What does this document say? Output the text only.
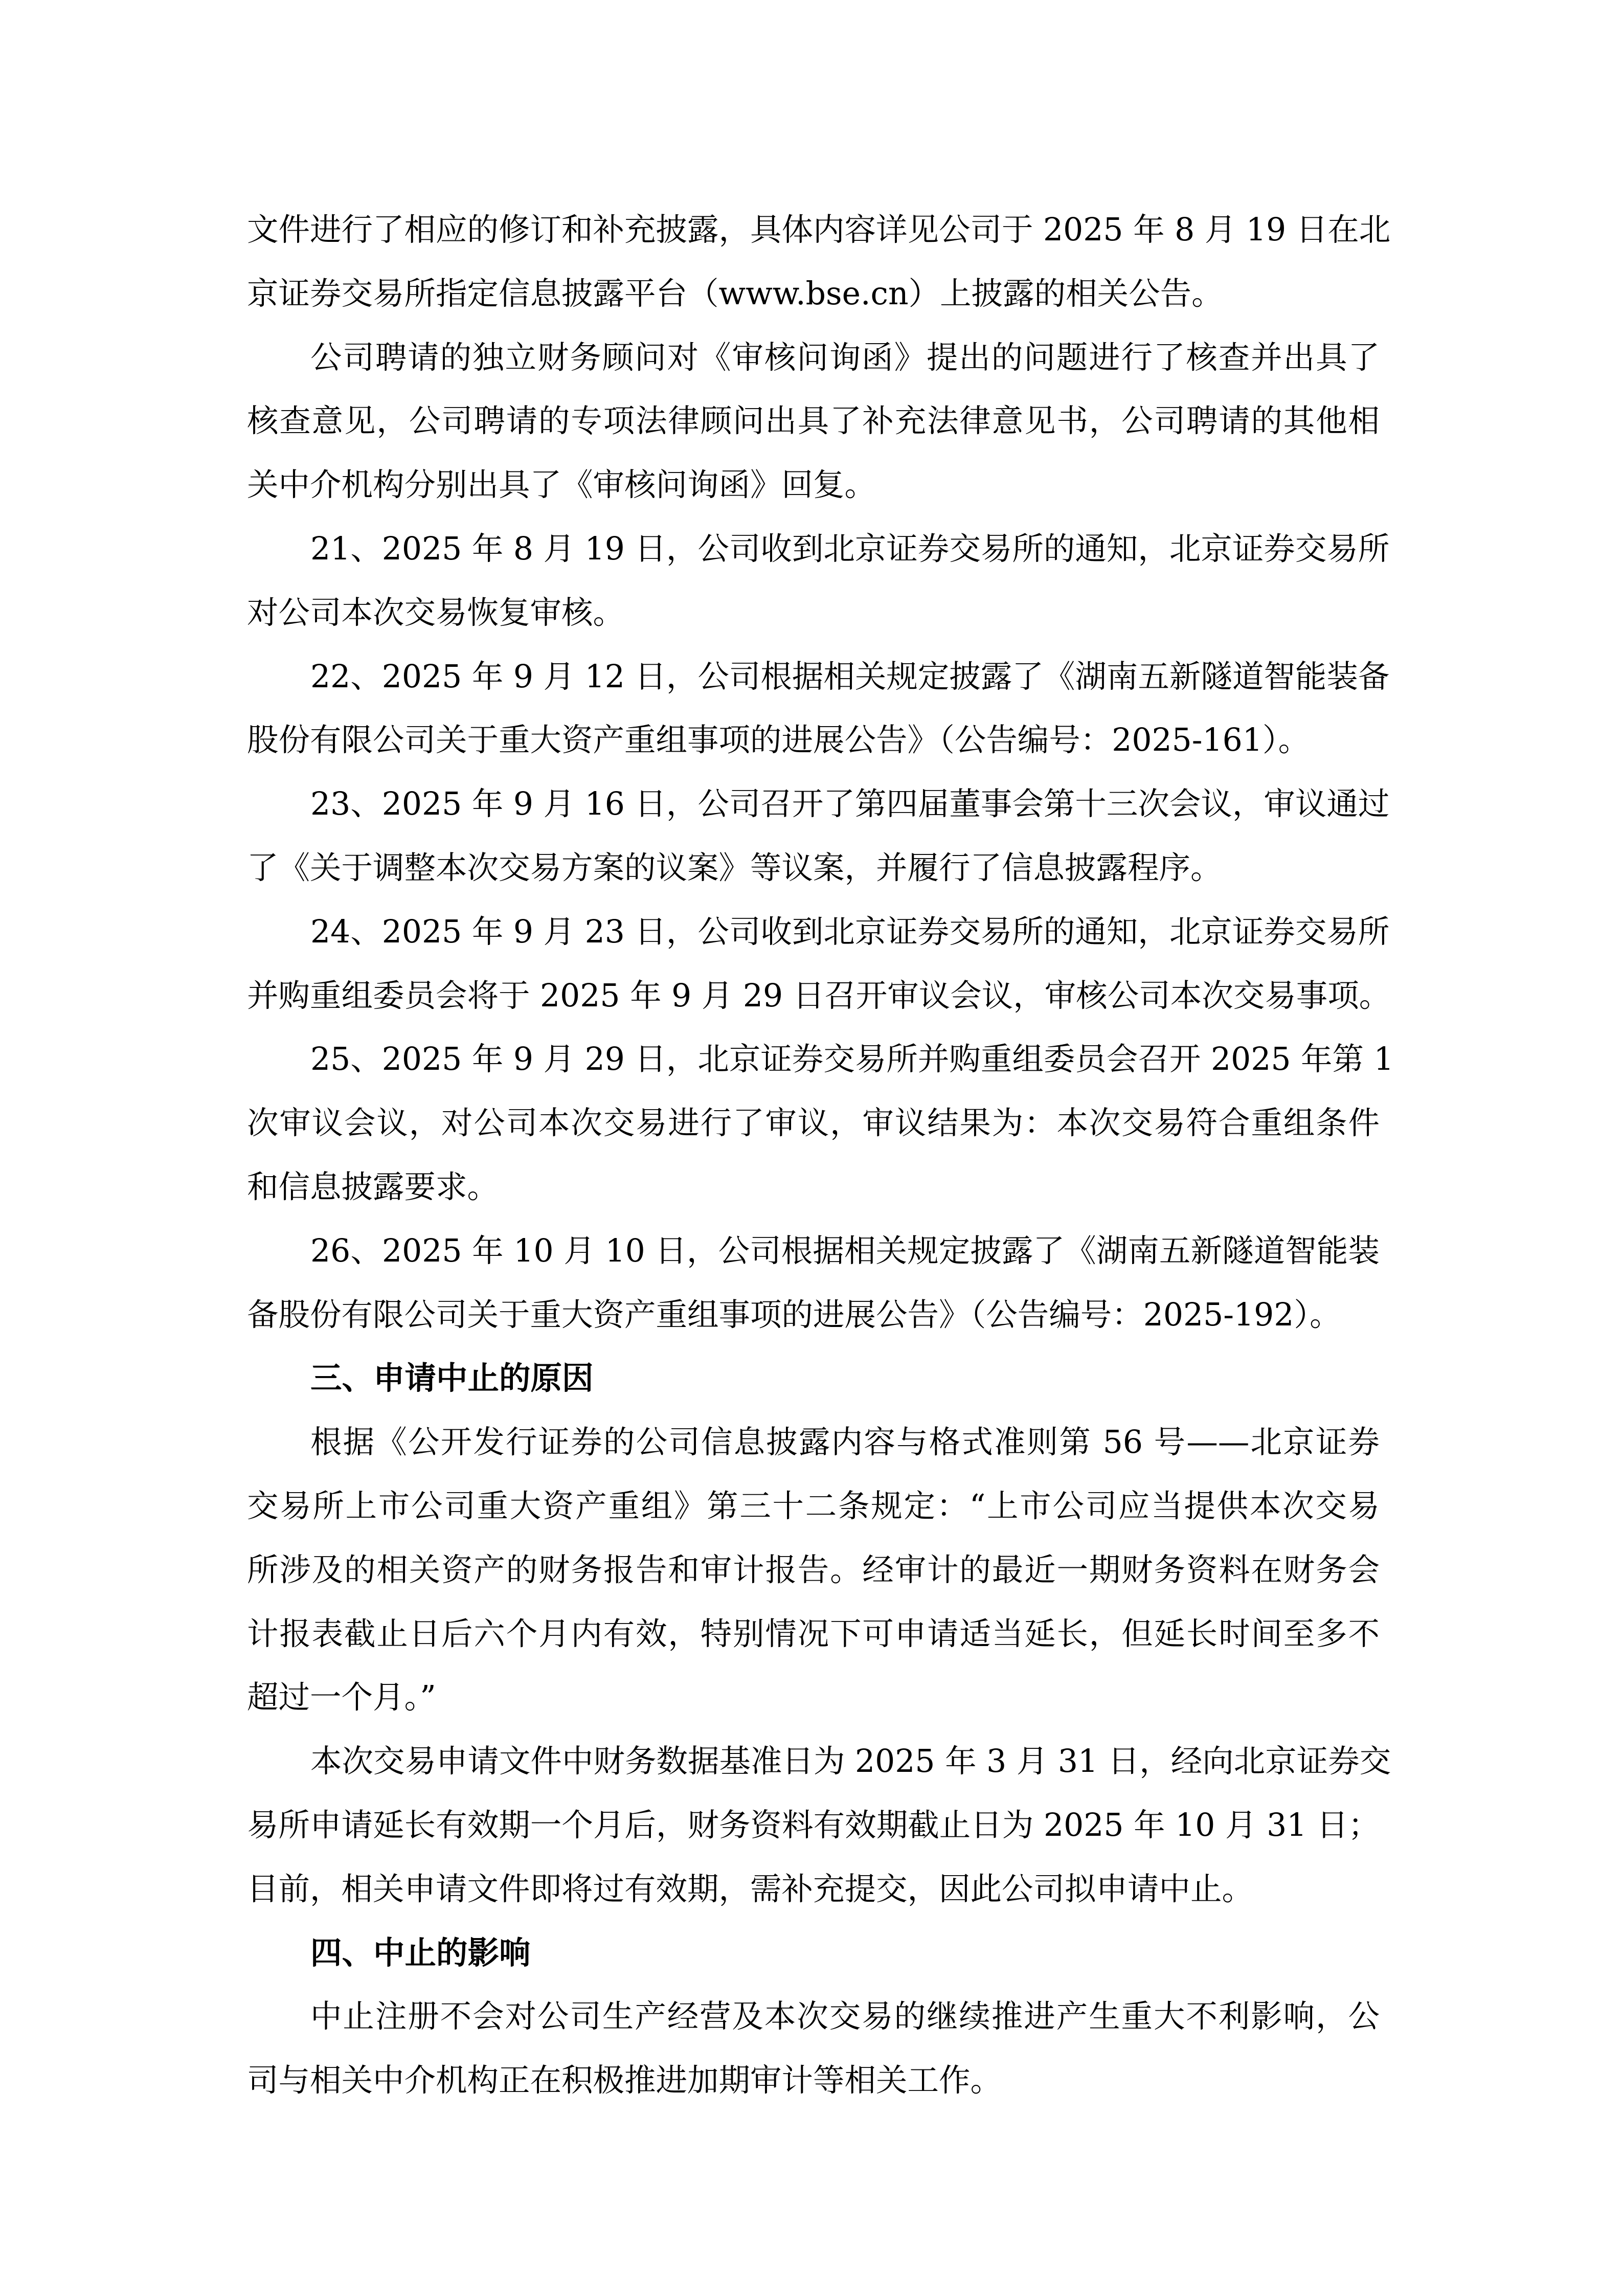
文件进行了相应的修订和补充披露，具体内容详见公司于 2025 年 8 月 19 日在北
京证券交易所指定信息披露平台（www.bse.cn）上披露的相关公告。
公司聘请的独立财务顾问对《审核问询函》提出的问题进行了核查并出具了
核查意见，公司聘请的专项法律顾问出具了补充法律意见书，公司聘请的其他相
关中介机构分别出具了《审核问询函》回复。
21、2025 年 8 月 19 日，公司收到北京证券交易所的通知，北京证券交易所
对公司本次交易恢复审核。
22、2025 年 9 月 12 日，公司根据相关规定披露了《湖南五新隧道智能装备
股份有限公司关于重大资产重组事项的进展公告》（公告编号：2025-161）。
23、2025 年 9 月 16 日，公司召开了第四届董事会第十三次会议，审议通过
了《关于调整本次交易方案的议案》等议案，并履行了信息披露程序。
24、2025 年 9 月 23 日，公司收到北京证券交易所的通知，北京证券交易所
并购重组委员会将于 2025 年 9 月 29 日召开审议会议，审核公司本次交易事项。
25、2025 年 9 月 29 日，北京证券交易所并购重组委员会召开 2025 年第 1
次审议会议，对公司本次交易进行了审议，审议结果为：本次交易符合重组条件
和信息披露要求。
26、2025 年 10 月 10 日，公司根据相关规定披露了《湖南五新隧道智能装
备股份有限公司关于重大资产重组事项的进展公告》（公告编号：2025-192）。
三、申请中止的原因
根据《公开发行证券的公司信息披露内容与格式准则第 56 号——北京证券
交易所上市公司重大资产重组》第三十二条规定：“上市公司应当提供本次交易
所涉及的相关资产的财务报告和审计报告。经审计的最近一期财务资料在财务会
计报表截止日后六个月内有效，特别情况下可申请适当延长，但延长时间至多不
超过一个月。”
本次交易申请文件中财务数据基准日为 2025 年 3 月 31 日，经向北京证券交
易所申请延长有效期一个月后，财务资料有效期截止日为 2025 年 10 月 31 日；
目前，相关申请文件即将过有效期，需补充提交，因此公司拟申请中止。
四、中止的影响
中止注册不会对公司生产经营及本次交易的继续推进产生重大不利影响，公
司与相关中介机构正在积极推进加期审计等相关工作。
